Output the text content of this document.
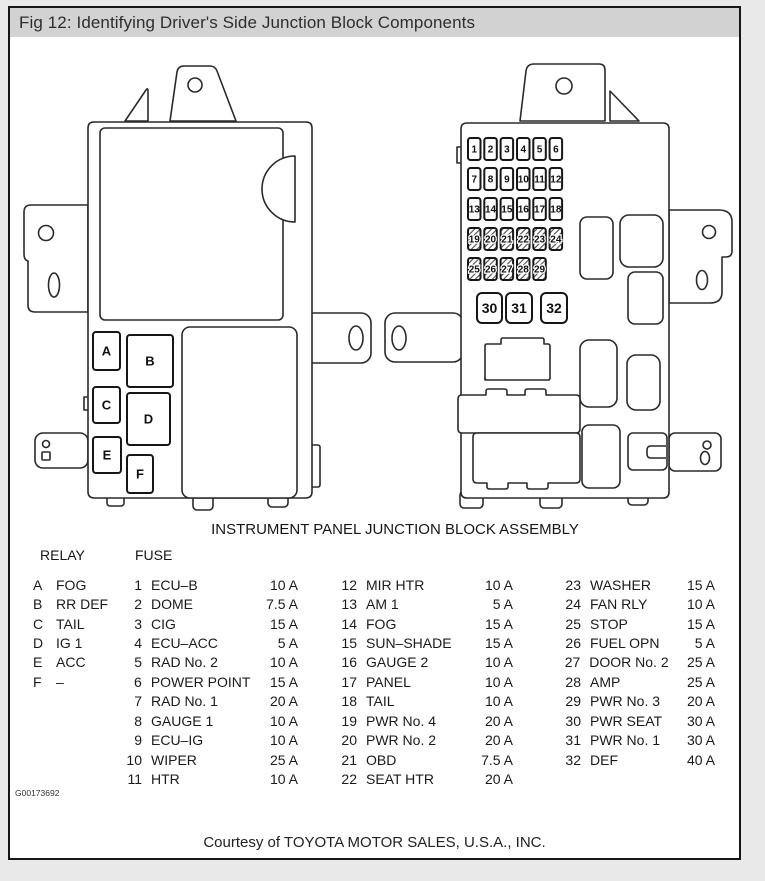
Fig 12: Identifying Driver's Side Junction Block Components
A
B
C
D
E
F
1 2 3 4 5 6
7 8 9 10 11 12
13 14 15 16 17 18
19 20 21 22 23 24
25 26 27 28 29
30 31 32
INSTRUMENT PANEL JUNCTION BLOCK ASSEMBLY
RELAY	FUSE
A FOG
B RR DEF
C TAIL
D IG 1
E ACC
F	–
1 ECU–B	10 A
2 DOME	7.5 A
3 CIG	15 A
4 ECU–ACC	5 A
5 RAD No. 2	10 A
6 POWER POINT	15 A
7 RAD No. 1	20 A
8 GAUGE 1	10 A
9 ECU–IG	10 A
10 WIPER	25 A
11 HTR	10 A
12 MIR HTR	10 A
13 AM 1	5 A
14 FOG	15 A
15 SUN–SHADE	15 A
16 GAUGE 2	10 A
17 PANEL	10 A
18 TAIL	10 A
19 PWR No. 4	20 A
20 PWR No. 2	20 A
21 OBD	7.5 A
22 SEAT HTR	20 A
23 WASHER	15 A
24 FAN RLY	10 A
25 STOP	15 A
26 FUEL OPN	5 A
27 DOOR No. 2	25 A
28 AMP	25 A
29 PWR No. 3	20 A
30 PWR SEAT	30 A
31 PWR No. 1	30 A
32 DEF	40 A
G00173692
Courtesy of TOYOTA MOTOR SALES, U.S.A., INC.
